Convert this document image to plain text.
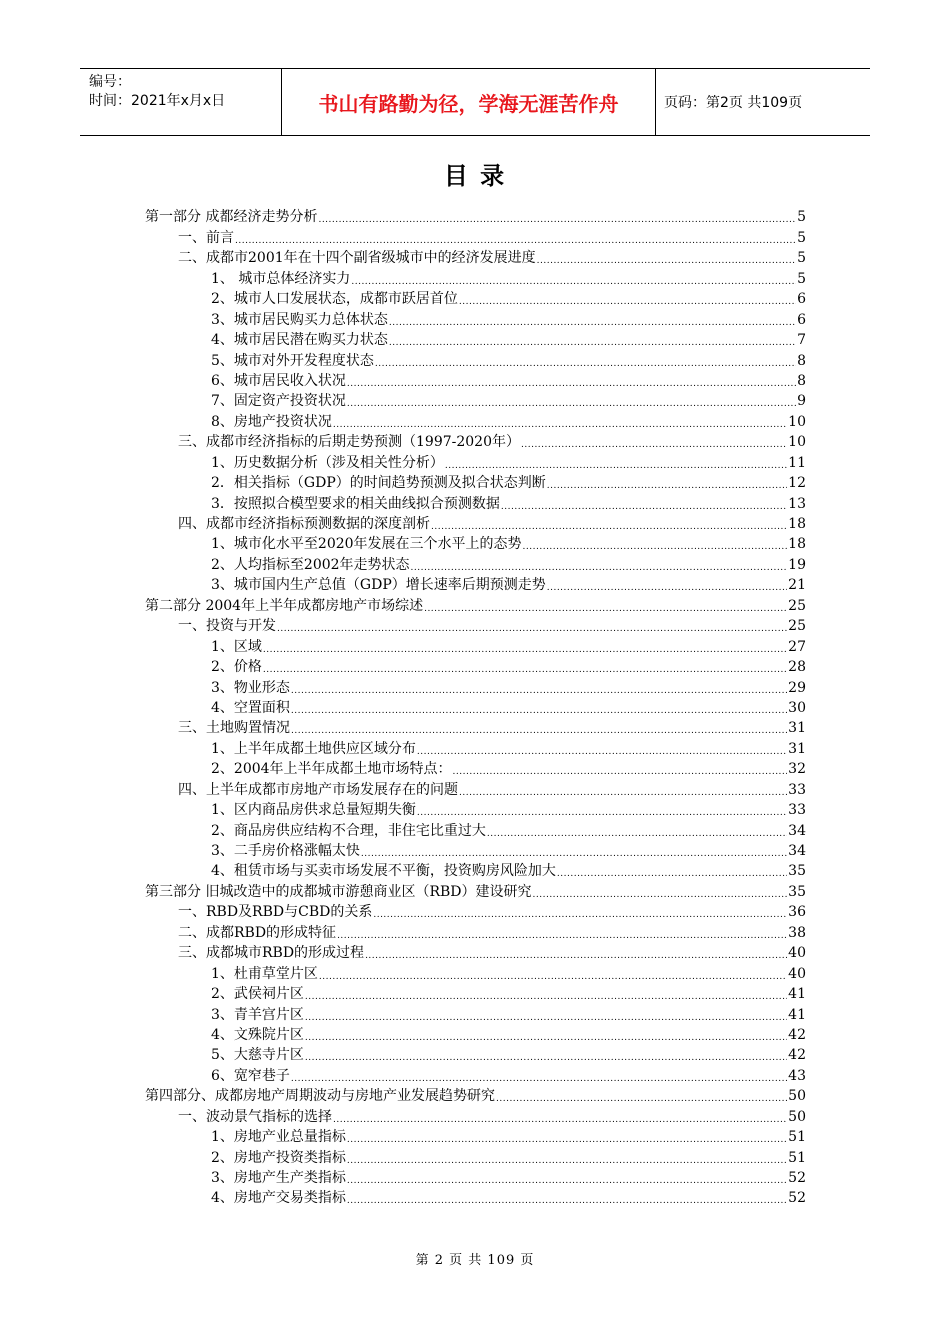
编号：
时间：2021年x月x日	书山有路勤为径，学海无涯苦作舟	页码：第2页 共109页
目 录
第一部分 成都经济走势分析 .....	5
一、前言 .....	5
二、成都市2001年在十四个副省级城市中的经济发展进度 .....	5
1、 城市总体经济实力 .....	5
2、城市人口发展状态，成都市跃居首位 .....	6
3、城市居民购买力总体状态 .....	6
4、城市居民潜在购买力状态 .....	7
5、城市对外开发程度状态 .....	8
6、城市居民收入状况 .....	8
7、固定资产投资状况 .....	9
8、房地产投资状况 .....	10
三、成都市经济指标的后期走势预测（1997-2020年） .....	10
1、历史数据分析（涉及相关性分析） .....	11
2．相关指标（GDP）的时间趋势预测及拟合状态判断 .....	12
3．按照拟合模型要求的相关曲线拟合预测数据 .....	13
四、成都市经济指标预测数据的深度剖析 .....	18
1、城市化水平至2020年发展在三个水平上的态势 .....	18
2、人均指标至2002年走势状态 .....	19
3、城市国内生产总值（GDP）增长速率后期预测走势 .....	21
第二部分 2004年上半年成都房地产市场综述 .....	25
一、投资与开发 .....	25
1、区域 .....	27
2、价格 .....	28
3、物业形态 .....	29
4、空置面积 .....	30
三、土地购置情况 .....	31
1、上半年成都土地供应区域分布 .....	31
2、2004年上半年成都土地市场特点： .....	32
四、上半年成都市房地产市场发展存在的问题 .....	33
1、区内商品房供求总量短期失衡 .....	33
2、商品房供应结构不合理，非住宅比重过大 .....	34
3、二手房价格涨幅太快 .....	34
4、租赁市场与买卖市场发展不平衡，投资购房风险加大 .....	35
第三部分 旧城改造中的成都城市游憩商业区（RBD）建设研究 .....	35
一、RBD及RBD与CBD的关系 .....	36
二、成都RBD的形成特征 .....	38
三、成都城市RBD的形成过程 .....	40
1、杜甫草堂片区 .....	40
2、武侯祠片区 .....	41
3、青羊宫片区 .....	41
4、文殊院片区 .....	42
5、大慈寺片区 .....	42
6、宽窄巷子 .....	43
第四部分、成都房地产周期波动与房地产业发展趋势研究 .....	50
一、波动景气指标的选择 .....	50
1、房地产业总量指标 .....	51
2、房地产投资类指标 .....	51
3、房地产生产类指标 .....	52
4、房地产交易类指标 .....	52
第 2 页 共 109 页
